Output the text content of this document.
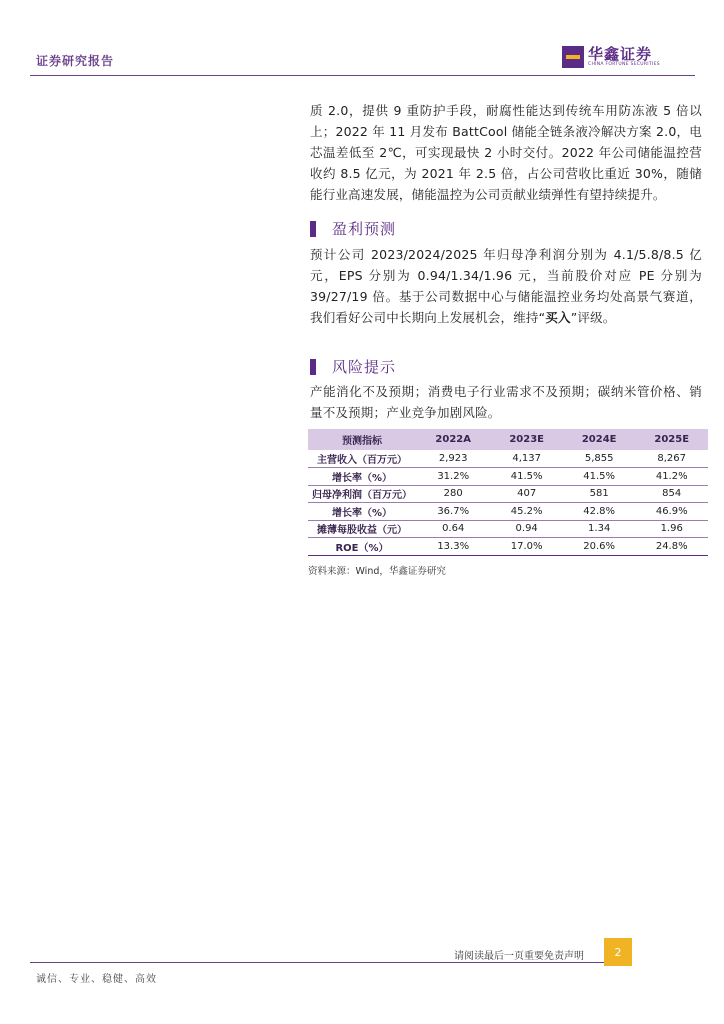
证券研究报告	华鑫证券
CHINA FORTUNE SECURITIES

质 2.0，提供 9 重防护手段，耐腐性能达到传统车用防冻液 5 倍以上；2022 年 11 月发布 BattCool 储能全链条液冷解决方案 2.0，电芯温差低至 2℃，可实现最快 2 小时交付。2022 年公司储能温控营收约 8.5 亿元，为 2021 年 2.5 倍，占公司营收比重近 30%，随储能行业高速发展，储能温控为公司贡献业绩弹性有望持续提升。

盈利预测

预计公司 2023/2024/2025 年归母净利润分别为 4.1/5.8/8.5 亿元，EPS 分别为 0.94/1.34/1.96 元，当前股价对应 PE 分别为 39/27/19 倍。基于公司数据中心与储能温控业务均处高景气赛道，我们看好公司中长期向上发展机会，维持“买入”评级。

风险提示

产能消化不及预期；消费电子行业需求不及预期；碳纳米管价格、销量不及预期；产业竞争加剧风险。

预测指标	2022A	2023E	2024E	2025E
主营收入（百万元）	2,923	4,137	5,855	8,267
增长率（%）	31.2%	41.5%	41.5%	41.2%
归母净利润（百万元）	280	407	581	854
增长率（%）	36.7%	45.2%	42.8%	46.9%
摊薄每股收益（元）	0.64	0.94	1.34	1.96
ROE（%）	13.3%	17.0%	20.6%	24.8%
资料来源：Wind，华鑫证券研究
请阅读最后一页重要免责声明	2
诚信、专业、稳健、高效
